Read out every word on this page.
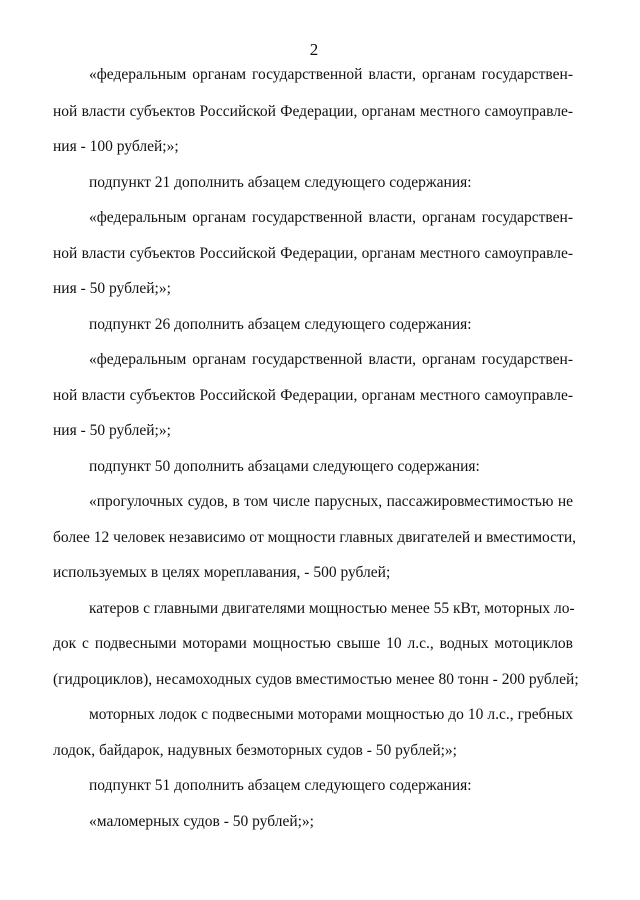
2
«федеральным органам государственной власти, органам государствен-
ной власти субъектов Российской Федерации, органам местного самоуправле-
ния - 100 рублей;»;
подпункт 21 дополнить абзацем следующего содержания:
«федеральным органам государственной власти, органам государствен-
ной власти субъектов Российской Федерации, органам местного самоуправле-
ния - 50 рублей;»;
подпункт 26 дополнить абзацем следующего содержания:
«федеральным органам государственной власти, органам государствен-
ной власти субъектов Российской Федерации, органам местного самоуправле-
ния - 50 рублей;»;
подпункт 50 дополнить абзацами следующего содержания:
«прогулочных судов, в том числе парусных, пассажировместимостью не
более 12 человек независимо от мощности главных двигателей и вместимости,
используемых в целях мореплавания, - 500 рублей;
катеров с главными двигателями мощностью менее 55 кВт, моторных ло-
док с подвесными моторами мощностью свыше 10 л.с., водных мотоциклов
(гидроциклов), несамоходных судов вместимостью менее 80 тонн - 200 рублей;
моторных лодок с подвесными моторами мощностью до 10 л.с., гребных
лодок, байдарок, надувных безмоторных судов - 50 рублей;»;
подпункт 51 дополнить абзацем следующего содержания:
«маломерных судов - 50 рублей;»;
